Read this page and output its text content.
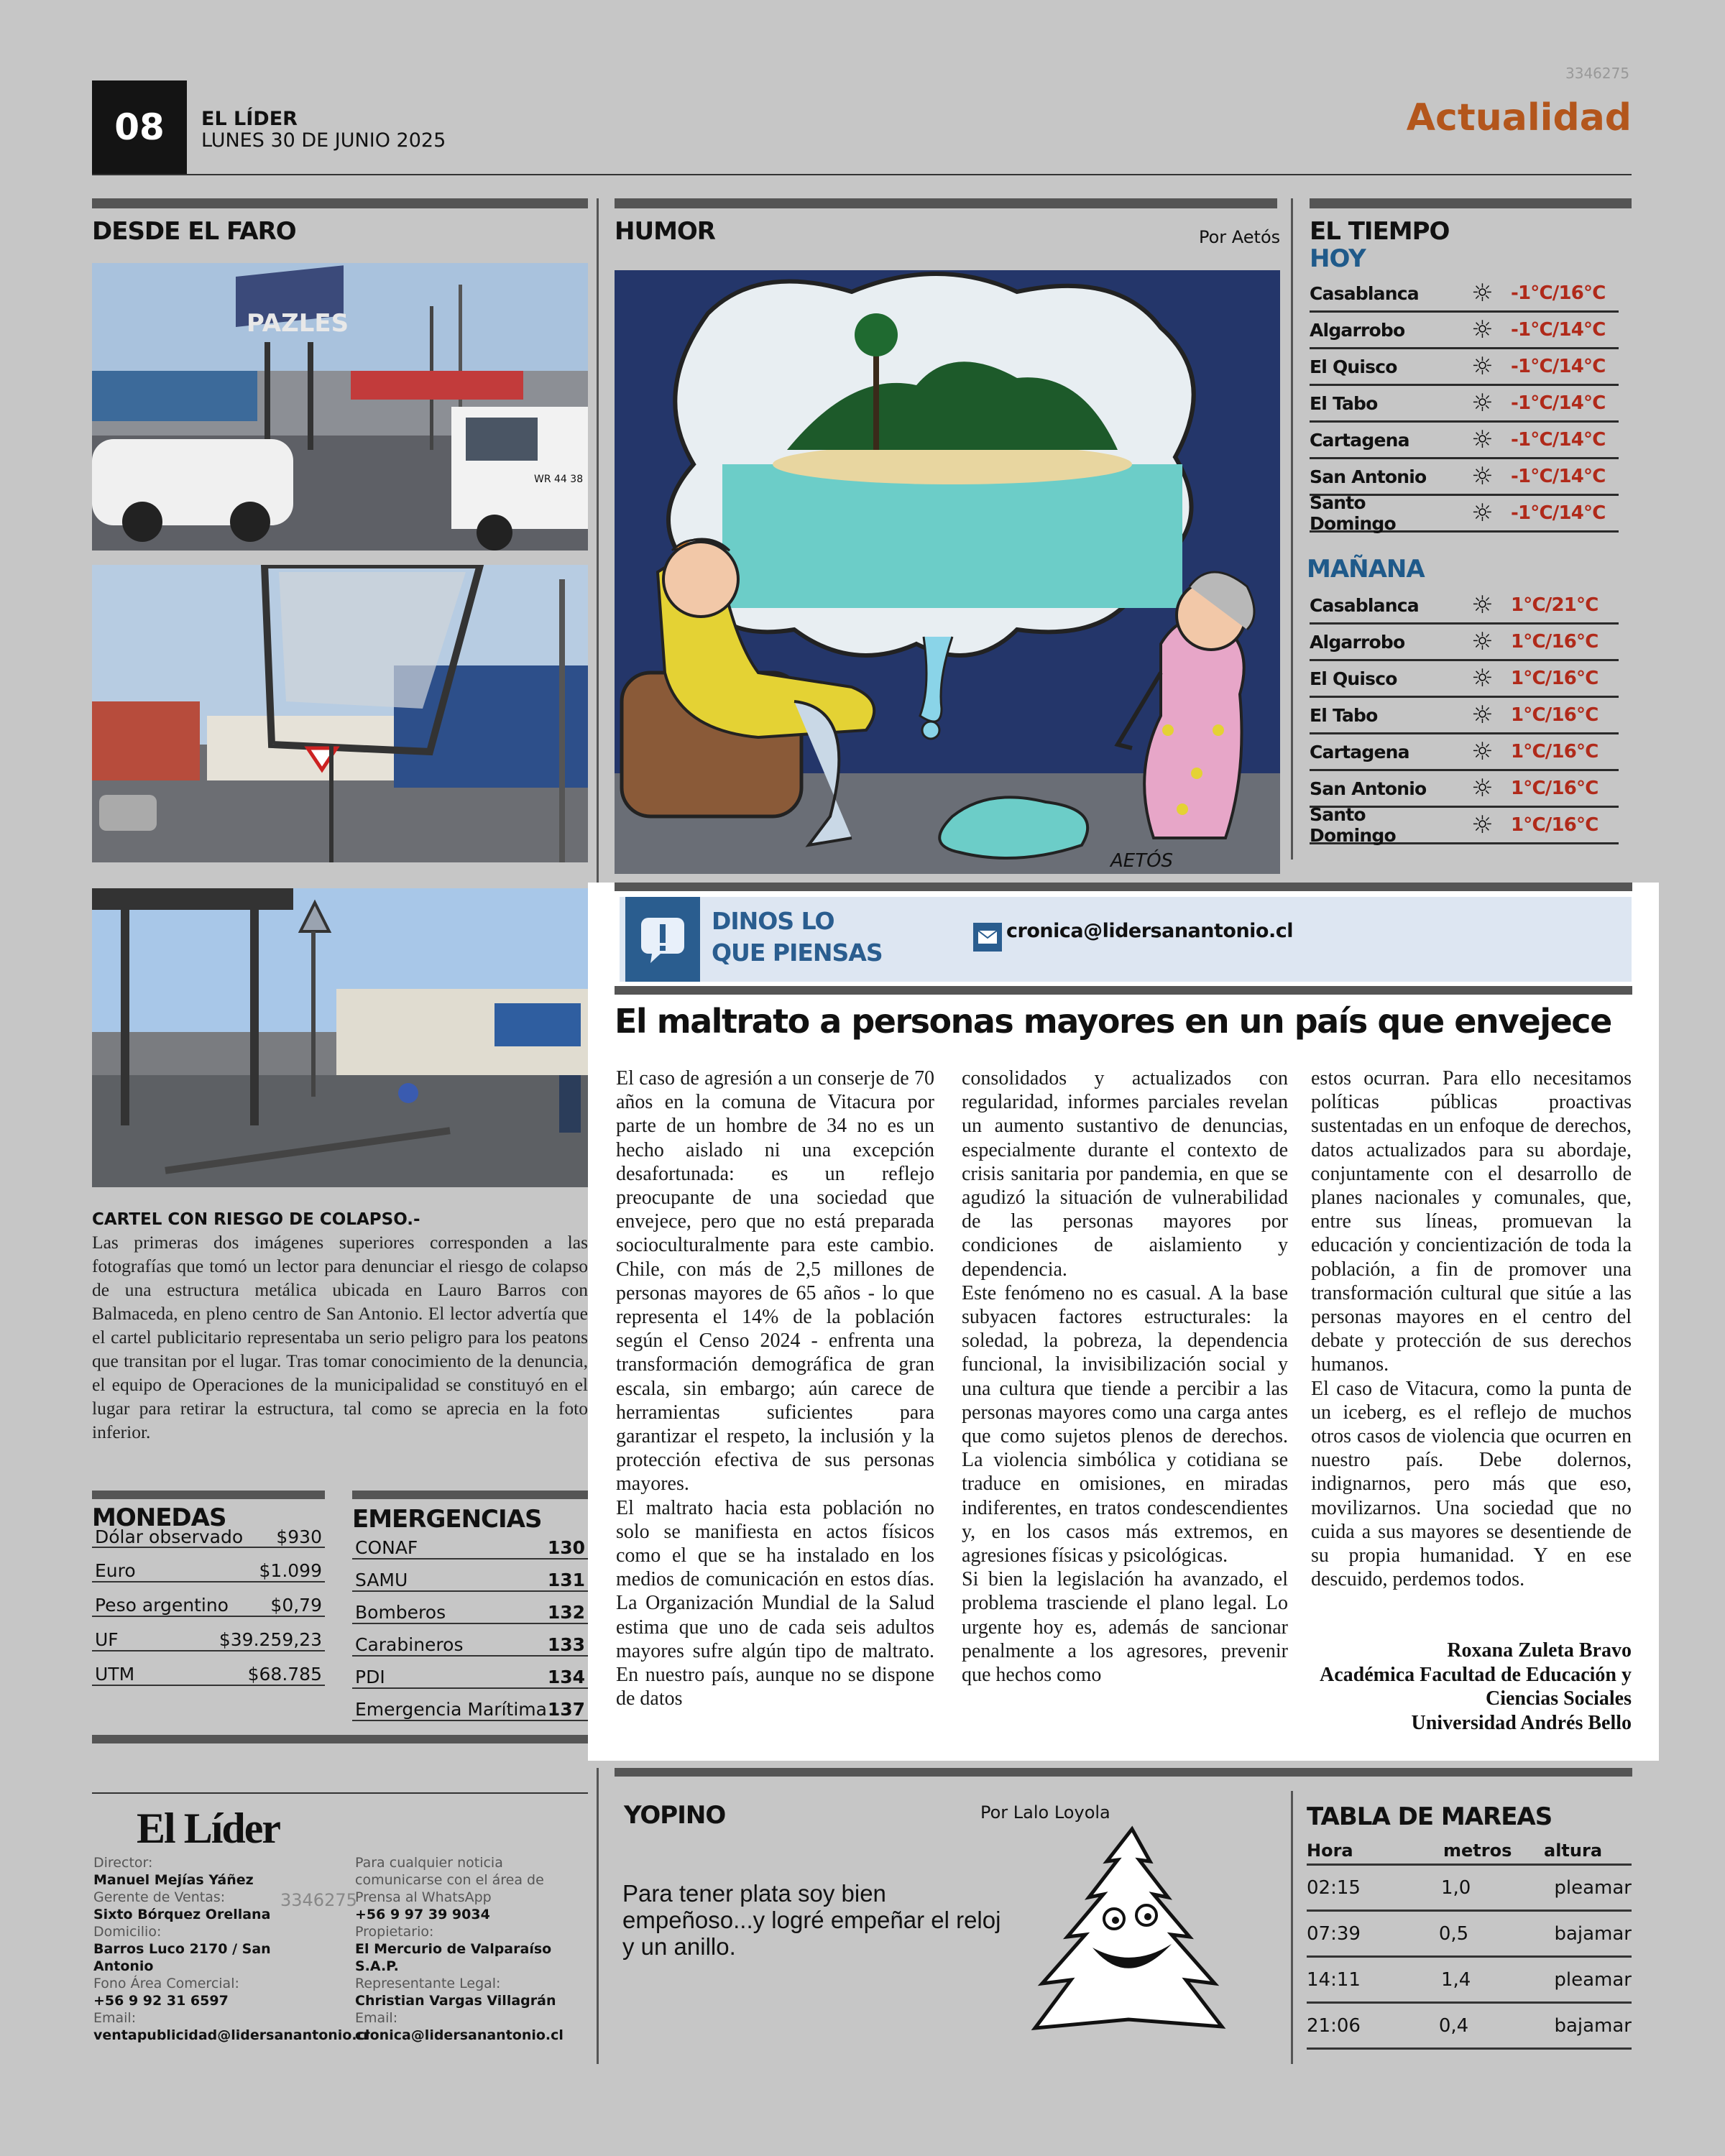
3346275
08 EL LÍDER
LUNES 30 DE JUNIO 2025
Actualidad
DESDE EL FARO
PAZLES
WR 44 38
CARTEL CON RIESGO DE COLAPSO.-
Las primeras dos imágenes superiores corresponden a las fotografías que tomó un lector para denunciar el riesgo de colapso de una estructura metálica ubicada en Lauro Barros con Balmaceda, en pleno centro de San Antonio. El lector advertía que el cartel publicitario representaba un serio peligro para los peatons que transitan por el lugar. Tras tomar conocimiento de la denuncia, el equipo de Operaciones de la municipalidad se constituyó en el lugar para retirar la estructura, tal como se aprecia en la foto inferior.
MONEDAS
Dólar observado $930
Euro	$1.099
Peso argentino $0,79
UF	$39.259,23
UTM	$68.785
EMERGENCIAS
CONAF	130
SAMU	131
Bomberos	132
Carabineros	133
PDI	134
Emergencia Marítima 137
HUMOR	Por Aetós
AETÓS
EL TIEMPO
HOY
Casablanca	☼ -1°C/16°C
Algarrobo	☼ -1°C/14°C
El Quisco	☼ -1°C/14°C
El Tabo	☼ -1°C/14°C
Cartagena	☼ -1°C/14°C
San Antonio	☼ -1°C/14°C
Santo Domingo	☼ -1°C/14°C
MAÑANA
Casablanca	☼ 1°C/21°C
Algarrobo	☼ 1°C/16°C
El Quisco	☼ 1°C/16°C
El Tabo	☼ 1°C/16°C
Cartagena	☼ 1°C/16°C
San Antonio	☼ 1°C/16°C
Santo Domingo	☼ 1°C/16°C
DINOS LO
QUE PIENSAS
cronica@lidersanantonio.cl
El maltrato a personas mayores en un país que envejece

El caso de agresión a un conserje de 70 años en la comuna de Vitacura por parte de un hombre de 34 no es un hecho aislado ni una excepción desafortunada: es un reflejo preocupante de una sociedad que envejece, pero que no está preparada socioculturalmente para este cambio. Chile, con más de 2,5 millones de personas mayores de 65 años - lo que representa el 14% de la población según el Censo 2024 - enfrenta una transformación demográfica de gran escala, sin embargo; aún carece de herramientas suficientes para garantizar el respeto, la inclusión y la protección efectiva de sus personas mayores.

El maltrato hacia esta población no solo se manifiesta en actos físicos como el que se ha instalado en los medios de comunicación en estos días. La Organización Mundial de la Salud estima que uno de cada seis adultos mayores sufre algún tipo de maltrato. En nuestro país, aunque no se dispone de datos

consolidados y actualizados con regularidad, informes parciales revelan un aumento sustantivo de denuncias, especialmente durante el contexto de crisis sanitaria por pandemia, en que se agudizó la situación de vulnerabilidad de las personas mayores por condiciones de aislamiento y dependencia.

Este fenómeno no es casual. A la base subyacen factores estructurales: la soledad, la pobreza, la dependencia funcional, la invisibilización social y una cultura que tiende a percibir a las personas mayores como una carga antes que como sujetos plenos de derechos. La violencia simbólica y cotidiana se traduce en omisiones, en miradas indiferentes, en tratos condescendientes y, en los casos más extremos, en agresiones físicas y psicológicas.

Si bien la legislación ha avanzado, el problema trasciende el plano legal. Lo urgente hoy es, además de sancionar penalmente a los agresores, prevenir que hechos como

estos ocurran. Para ello necesitamos políticas públicas proactivas sustentadas en un enfoque de derechos, datos actualizados para su abordaje, conjuntamente con el desarrollo de planes nacionales y comunales, que, entre sus líneas, promuevan la educación y concientización de toda la población, a fin de promover una transformación cultural que sitúe a las personas mayores en el centro del debate y protección de sus derechos humanos.

El caso de Vitacura, como la punta de un iceberg, es el reflejo de muchos otros casos de violencia que ocurren en nuestro país. Debe dolernos, indignarnos, pero más que eso, movilizarnos. Una sociedad que no cuida a sus mayores se desentiende de su propia humanidad. Y en ese descuido, perdemos todos.

Roxana Zuleta Bravo
Académica Facultad de Educación y Ciencias Sociales
Universidad Andrés Bello
El Líder
Director:
Manuel Mejías Yáñez
Gerente de Ventas:
Sixto Bórquez Orellana
Domicilio:
Barros Luco 2170 / San Antonio
Fono Área Comercial:
+56 9 92 31 6597
Email:
ventapublicidad@lidersanantonio.cl
3346275
Para cualquier noticia comunicarse con el área de Prensa al WhatsApp
+56 9 97 39 9034
Propietario:
El Mercurio de Valparaíso S.A.P.
Representante Legal:
Christian Vargas Villagrán
Email:
cronica@lidersanantonio.cl
YOPINO	Por Lalo Loyola
Para tener plata soy bien empeñoso...y logré empeñar el reloj y un anillo.
TABLA DE MAREAS
Hora	metros	altura
02:15	1,0	pleamar
07:39	0,5	bajamar
14:11	1,4	pleamar
21:06	0,4	bajamar
